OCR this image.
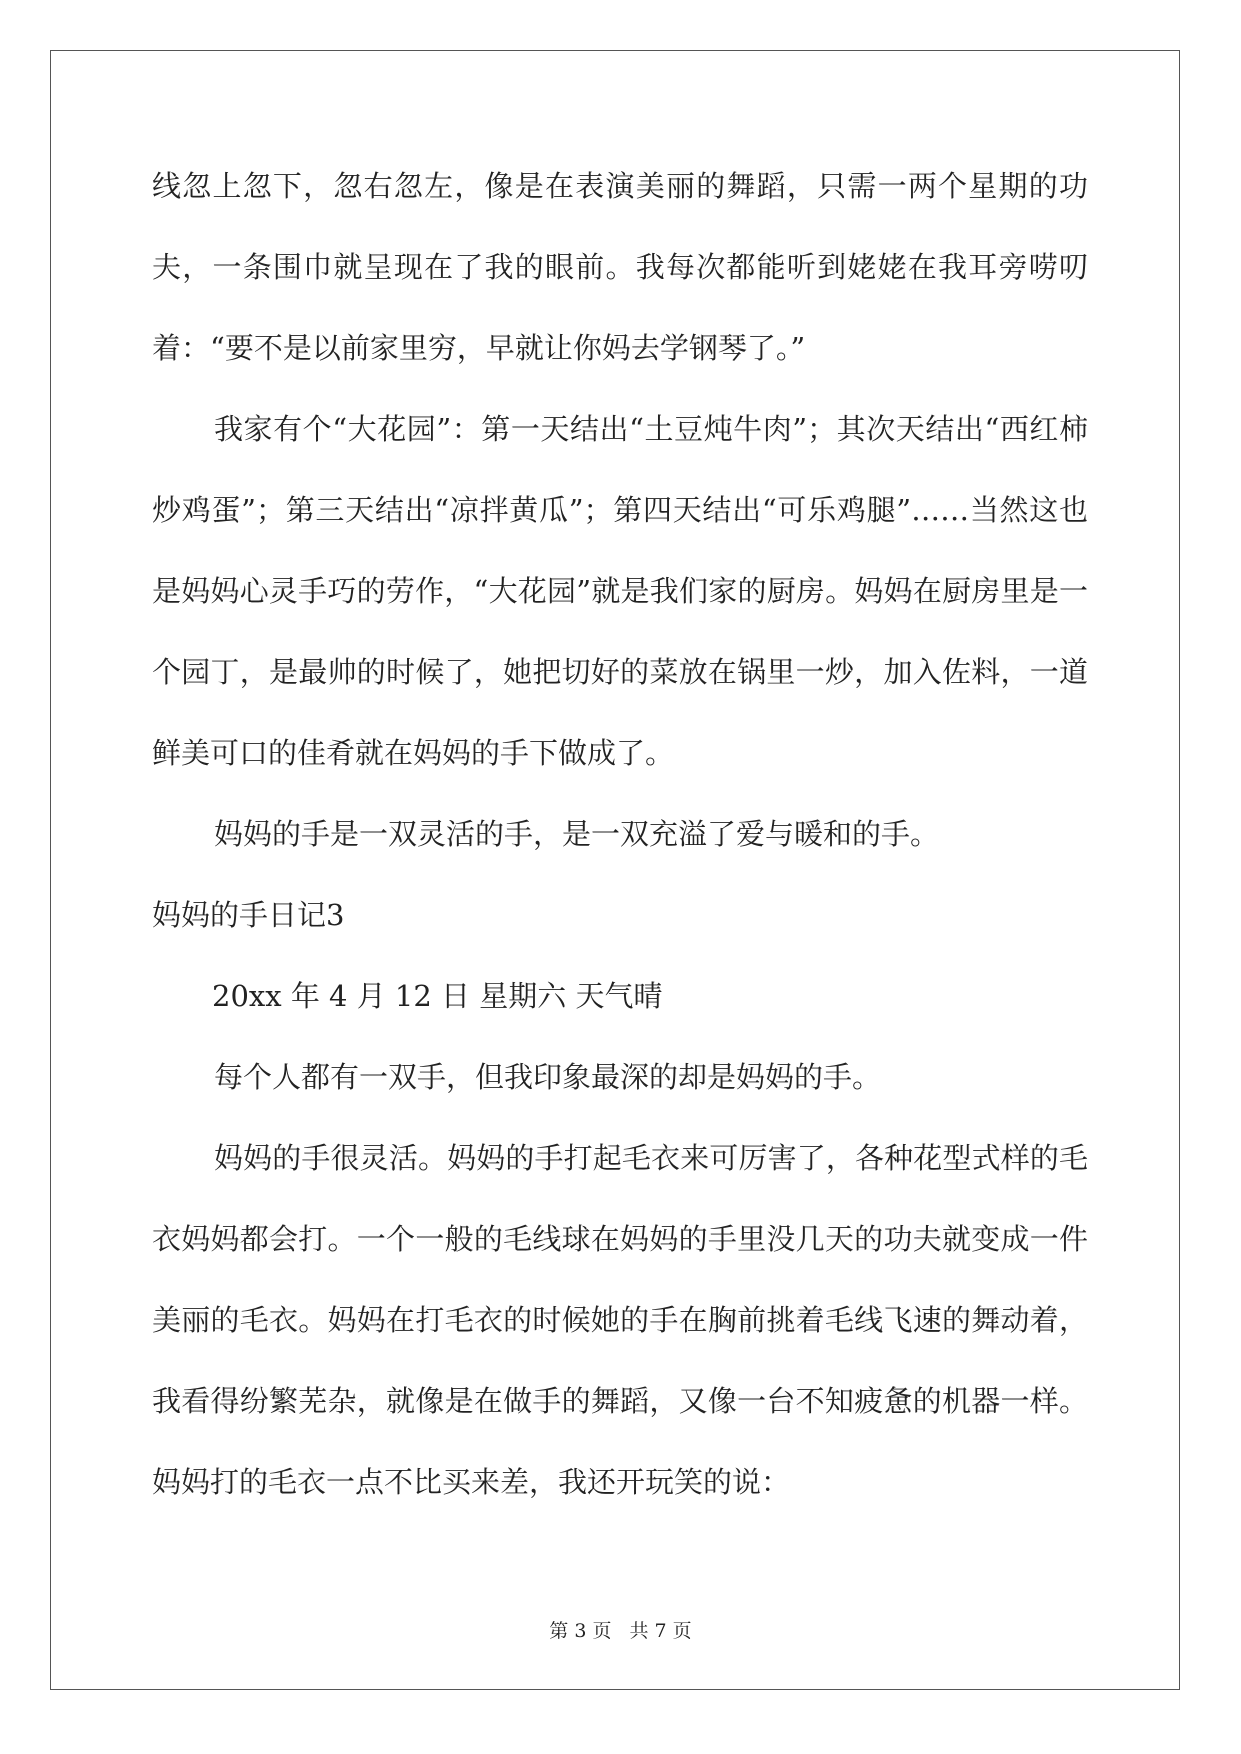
线忽上忽下，忽右忽左，像是在表演美丽的舞蹈，只需一两个星期的功夫，一条围巾就呈现在了我的眼前。我每次都能听到姥姥在我耳旁唠叨着：“要不是以前家里穷，早就让你妈去学钢琴了。”

我家有个“大花园”：第一天结出“土豆炖牛肉”；其次天结出“西红柿炒鸡蛋”；第三天结出“凉拌黄瓜”；第四天结出“可乐鸡腿”……当然这也是妈妈心灵手巧的劳作，“大花园”就是我们家的厨房。妈妈在厨房里是一个园丁，是最帅的时候了，她把切好的菜放在锅里一炒，加入佐料，一道鲜美可口的佳肴就在妈妈的手下做成了。

妈妈的手是一双灵活的手，是一双充溢了爱与暖和的手。

妈妈的手日记3

20xx 年 4 月 12 日 星期六 天气晴

每个人都有一双手，但我印象最深的却是妈妈的手。

妈妈的手很灵活。妈妈的手打起毛衣来可厉害了，各种花型式样的毛衣妈妈都会打。一个一般的毛线球在妈妈的手里没几天的功夫就变成一件美丽的毛衣。妈妈在打毛衣的时候她的手在胸前挑着毛线飞速的舞动着，我看得纷繁芜杂，就像是在做手的舞蹈，又像一台不知疲惫的机器一样。妈妈打的毛衣一点不比买来差，我还开玩笑的说：

第 3 页 共 7 页
